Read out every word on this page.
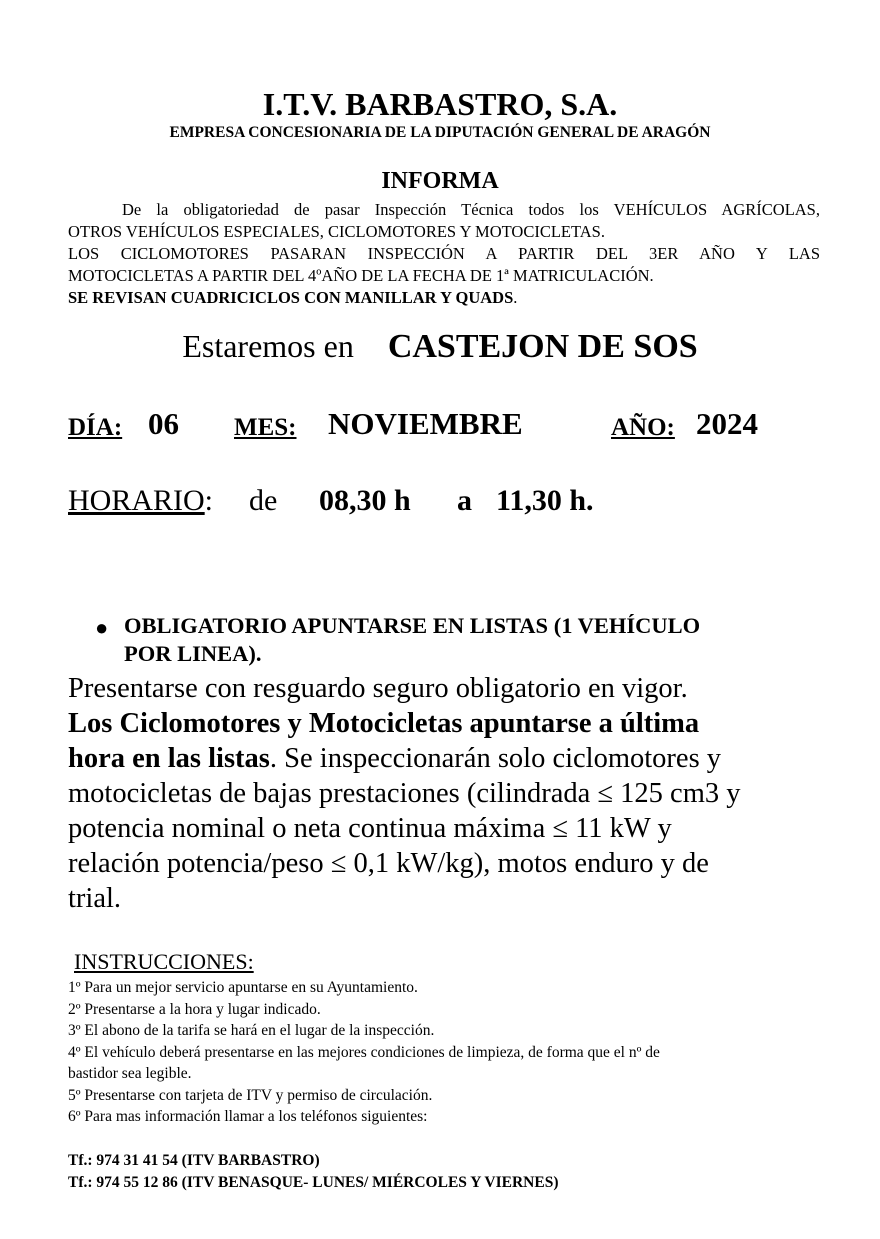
I.T.V. BARBASTRO, S.A.
EMPRESA CONCESIONARIA DE LA DIPUTACIÓN GENERAL DE ARAGÓN
INFORMA
De la obligatoriedad de pasar Inspección Técnica todos los VEHÍCULOS AGRÍCOLAS,
OTROS VEHÍCULOS ESPECIALES, CICLOMOTORES Y MOTOCICLETAS.
LOS CICLOMOTORES PASARAN INSPECCIÓN A PARTIR DEL 3ER AÑO Y LAS
MOTOCICLETAS A PARTIR DEL 4ºAÑO DE LA FECHA DE 1ª MATRICULACIÓN.
SE REVISAN CUADRICICLOS CON MANILLAR Y QUADS.
Estaremos en CASTEJON DE SOS
DÍA: 06 MES: NOVIEMBRE	AÑO: 2024
HORARIO: de 08,30 h a 11,30 h.
● OBLIGATORIO APUNTARSE EN LISTAS (1 VEHÍCULO
POR LINEA).
Presentarse con resguardo seguro obligatorio en vigor.
Los Ciclomotores y Motocicletas apuntarse a última
hora en las listas. Se inspeccionarán solo ciclomotores y
motocicletas de bajas prestaciones (cilindrada ≤ 125 cm3 y
potencia nominal o neta continua máxima ≤ 11 kW y
relación potencia/peso ≤ 0,1 kW/kg), motos enduro y de
trial.
INSTRUCCIONES:
1º Para un mejor servicio apuntarse en su Ayuntamiento.
2º Presentarse a la hora y lugar indicado.
3º El abono de la tarifa se hará en el lugar de la inspección.
4º El vehículo deberá presentarse en las mejores condiciones de limpieza, de forma que el nº de
bastidor sea legible.
5º Presentarse con tarjeta de ITV y permiso de circulación.
6º Para mas información llamar a los teléfonos siguientes:
Tf.: 974 31 41 54 (ITV BARBASTRO)
Tf.: 974 55 12 86 (ITV BENASQUE- LUNES/ MIÉRCOLES Y VIERNES)
